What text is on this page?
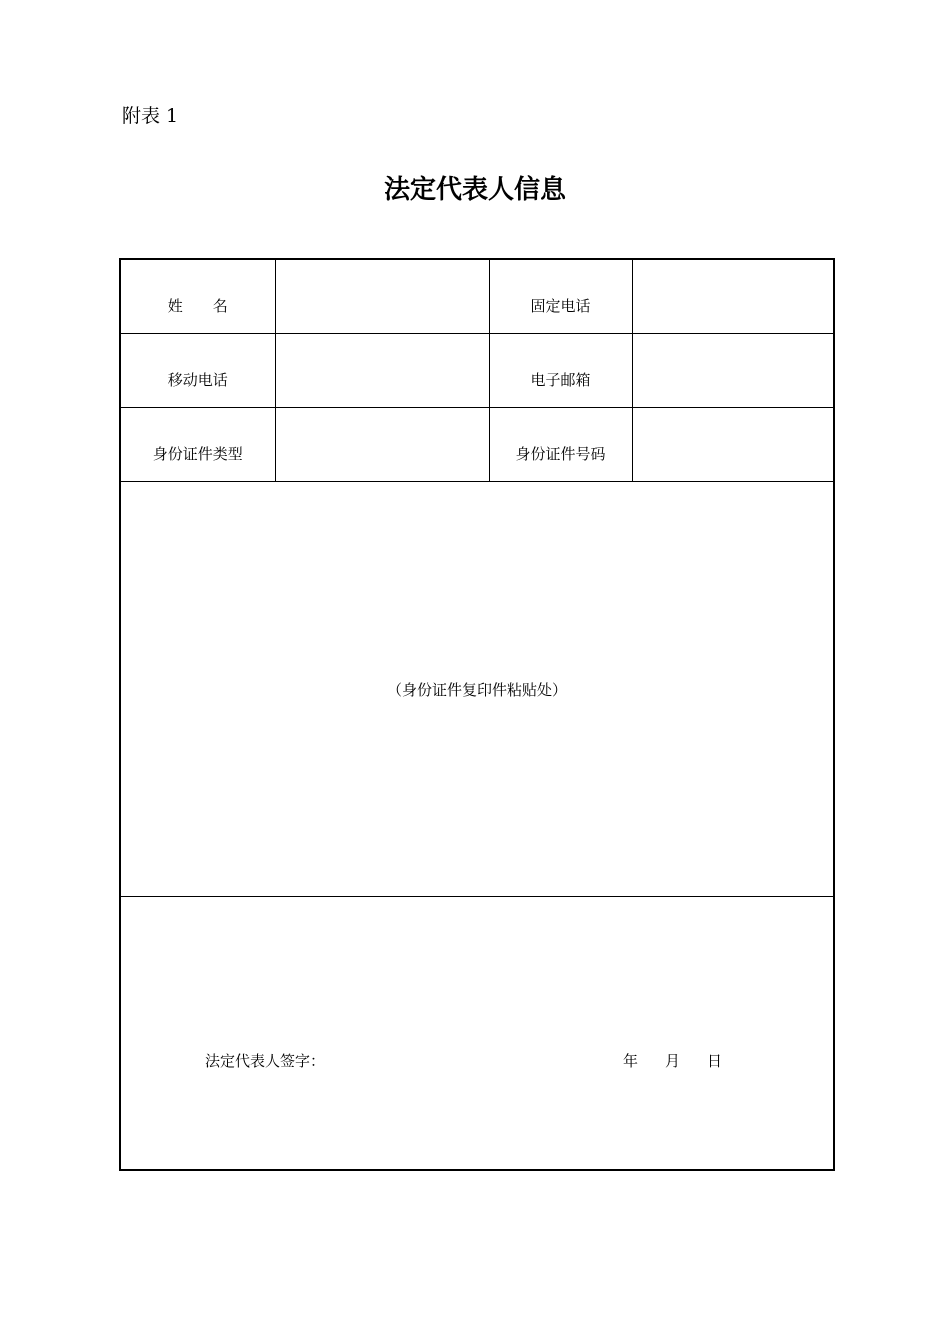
附表 1
法定代表人信息
姓　　名		固定电话	
移动电话		电子邮箱	
身份证件类型		身份证件号码	
（身份证件复印件粘贴处）			

法定代表人签字： 年 月 日			
